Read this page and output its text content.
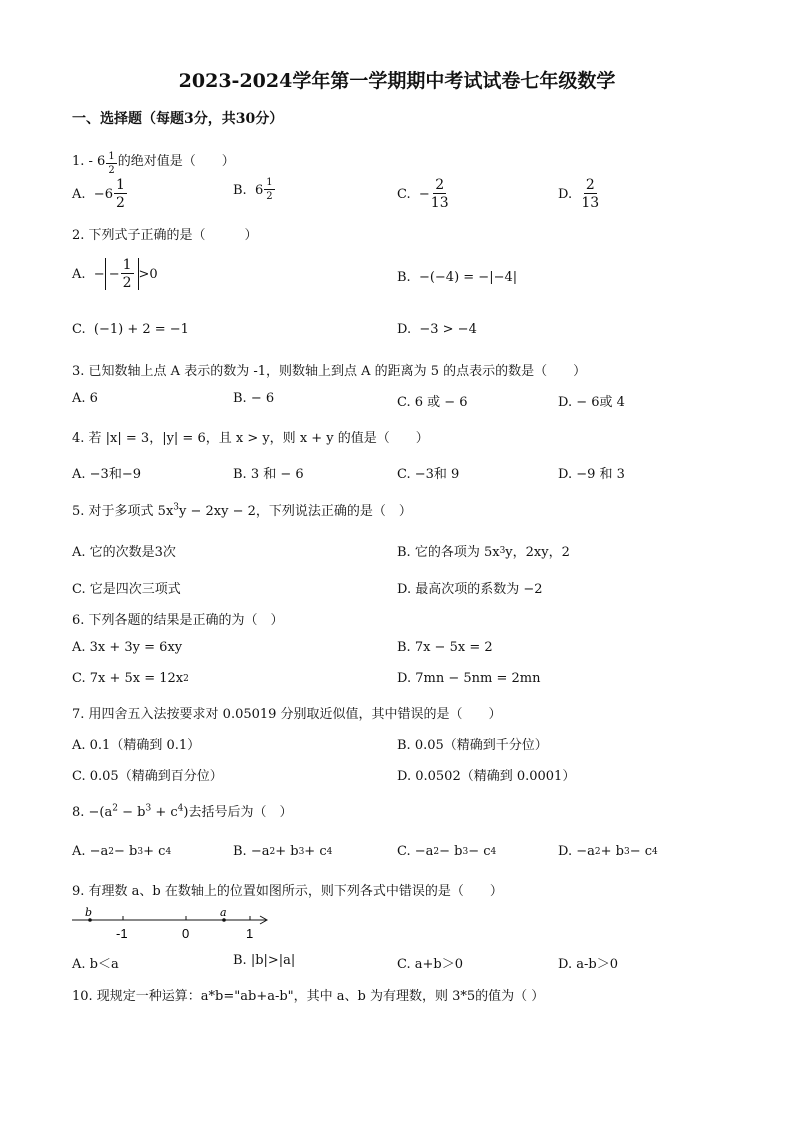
2023-2024学年第一学期期中考试试卷七年级数学
一、选择题（每题3分，共30分）
1. - $6 \frac{1}{2}$ 的绝对值是（　　）
A.
$-6 \frac{1}{2}$	B.
$6 \frac{1}{2}$	C.
− $\frac{2}{13}$	D.
$\frac{2}{13}$
2. 下列式子正确的是（　　　）
A.
− − $\frac{1}{2} >0$	B.
−(−4) = −|−4|
C.
(−1) + 2 = −1	D.
−3 > −4
3. 已知数轴上点 A 表示的数为 -1，则数轴上到点 A 的距离为 5 的点表示的数是（　　）
A. 6	B. − 6	C. 6 或 − 6	D. − 6或 4
4. 若 |x| = 3，|y| = 6，且 x > y，则 x + y 的值是（　　）
A. −3和−9	B. 3 和 − 6	C. −3和 9	D. −9 和 3
5. 对于多项式 $5x^3y - 2xy - 2$，下列说法正确的是（　）
A. 它的次数是3次	B. 它的各项为 5x 3 y，2xy，2
C. 它是四次三项式	D. 最高次项的系数为 −2
6. 下列各题的结果是正确的为（　）
A. 3x + 3y = 6xy	B. 7x − 5x = 2
C. 7x + 5x = 12x 2	D. 7mn − 5nm = 2mn
7. 用四舍五入法按要求对 0.05019 分别取近似值，其中错误的是（　　）
A. 0.1（精确到 0.1）	B. 0.05（精确到千分位）
C. 0.05（精确到百分位）	D. 0.0502（精确到 0.0001）
8. $-(a^2 - b^3 + c^4)$去括号后为（　）
A. −a 2 − b 3 + c 4	B. −a 2 + b 3 + c 4	C. −a 2 − b 3 − c 4	D. −a 2 + b 3 − c 4
9. 有理数 a、b 在数轴上的位置如图所示，则下列各式中错误的是（　　）
b	a
-1	0	1
A. b＜a	B. |b|>|a|	C. a+b＞0	D. a-b＞0
10. 现规定一种运算：a*b="ab+a-b"，其中 a、b 为有理数，则 3*5的值为（ ）
